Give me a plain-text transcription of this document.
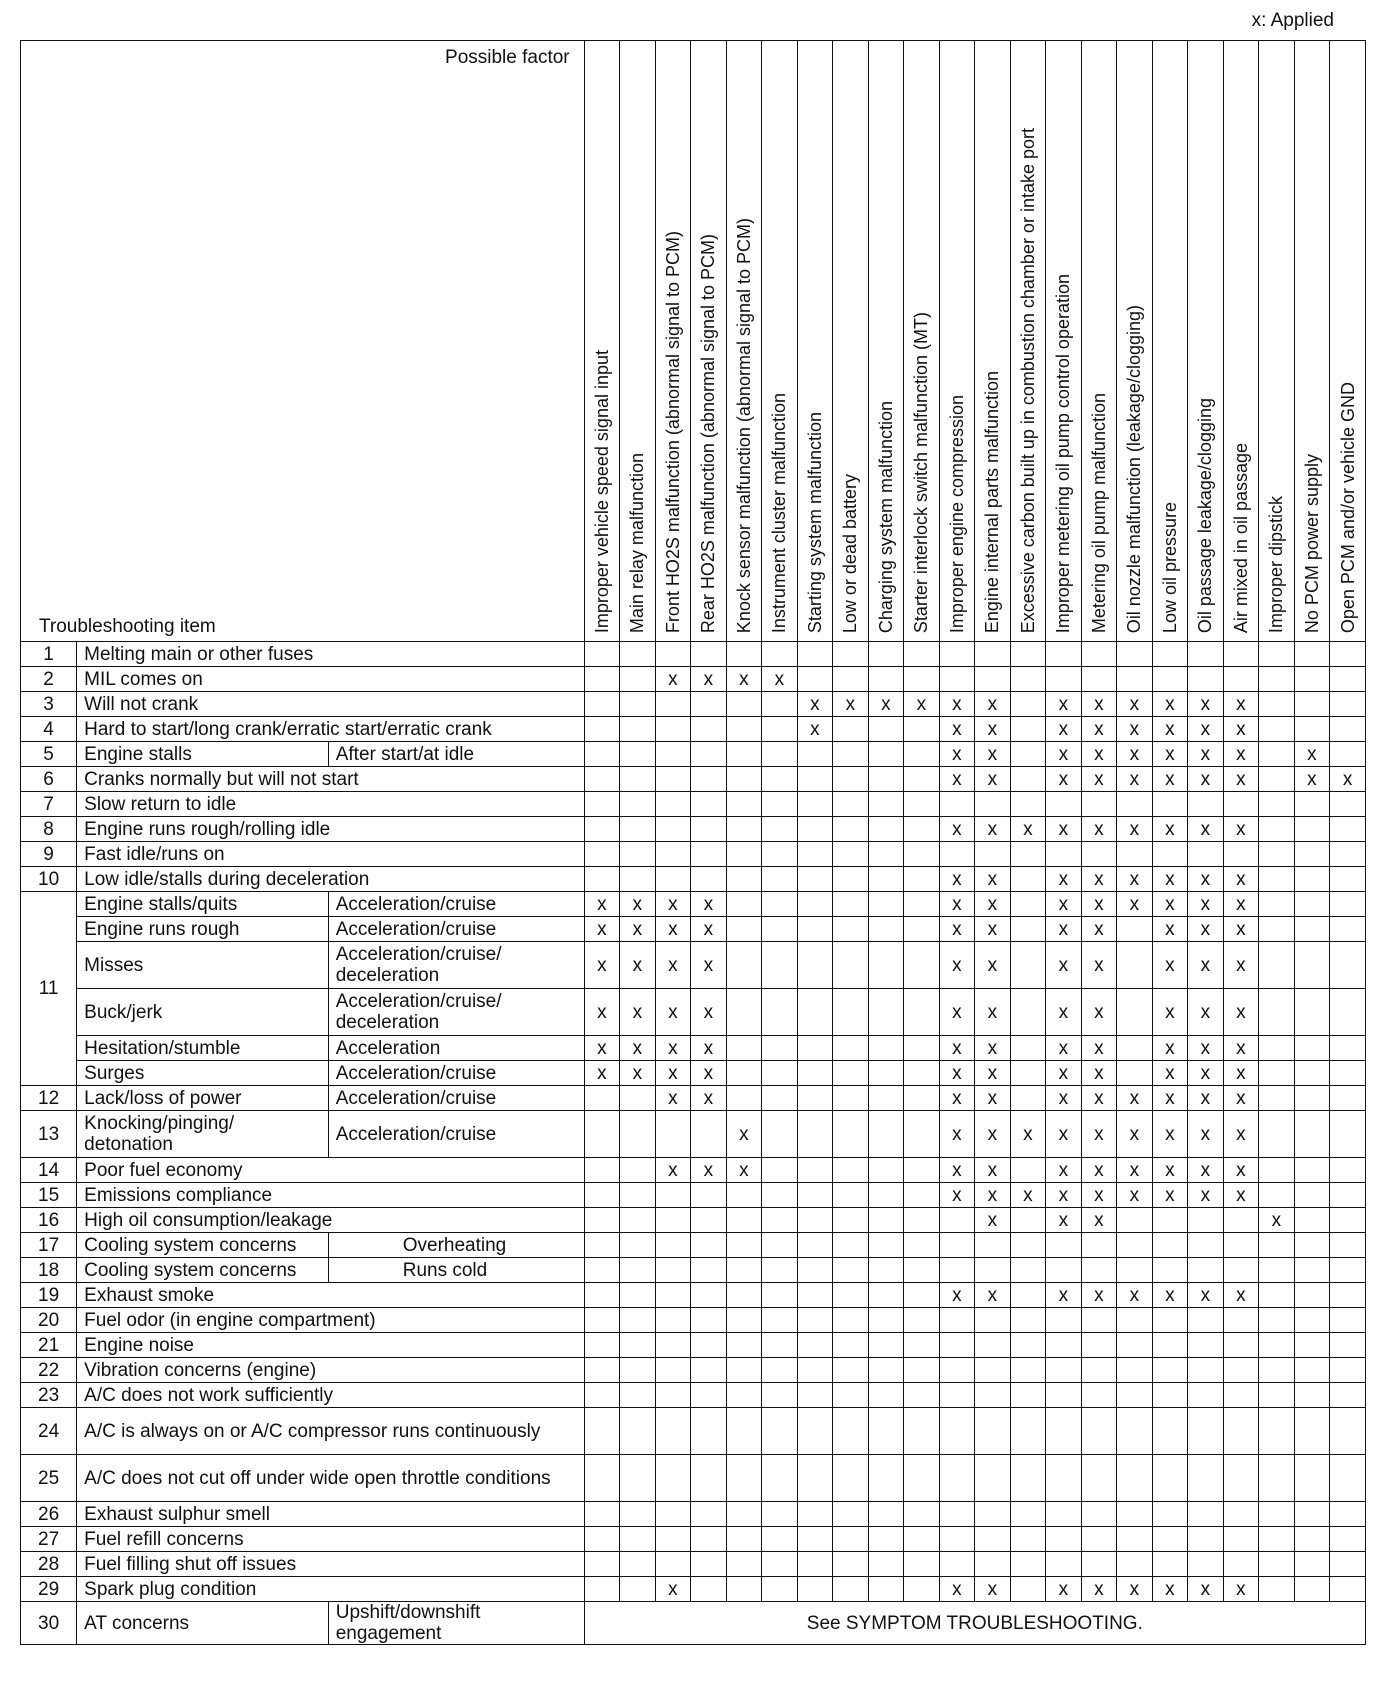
x: Applied
Possible factor
Troubleshooting item			Improper vehicle speed signal input	Main relay malfunction	Front HO2S malfunction (abnormal signal to PCM)	Rear HO2S malfunction (abnormal signal to PCM)	Knock sensor malfunction (abnormal signal to PCM)	Instrument cluster malfunction	Starting system malfunction	Low or dead battery	Charging system malfunction	Starter interlock switch malfunction (MT)	Improper engine compression	Engine internal parts malfunction	Excessive carbon built up in combustion chamber or intake port	Improper metering oil pump control operation	Metering oil pump malfunction	Oil nozzle malfunction (leakage/clogging)	Low oil pressure	Oil passage leakage/clogging	Air mixed in oil passage	Improper dipstick	No PCM power supply	Open PCM and/or vehicle GND

1	Melting main or other fuses																							
2	MIL comes on				x	x	x	x																
3	Will not crank								x	x	x	x	x	x		x	x	x	x	x	x			
4	Hard to start/long crank/erratic start/erratic crank								x				x	x		x	x	x	x	x	x			
5	Engine stalls	After start/at idle											x	x		x	x	x	x	x	x		x	
6	Cranks normally but will not start												x	x		x	x	x	x	x	x		x	x
7	Slow return to idle																							
8	Engine runs rough/rolling idle												x	x	x	x	x	x	x	x	x			
9	Fast idle/runs on																							
10	Low idle/stalls during deceleration												x	x		x	x	x	x	x	x			
11	Engine stalls/quits	Acceleration/cruise	x	x	x	x							x	x		x	x	x	x	x	x			
	Engine runs rough	Acceleration/cruise	x	x	x	x							x	x		x	x		x	x	x			
	Misses	Acceleration/cruise/ deceleration	x	x	x	x							x	x		x	x		x	x	x			
	Buck/jerk	Acceleration/cruise/ deceleration	x	x	x	x							x	x		x	x		x	x	x			
	Hesitation/stumble	Acceleration	x	x	x	x							x	x		x	x		x	x	x			
	Surges	Acceleration/cruise	x	x	x	x							x	x		x	x		x	x	x			
12	Lack/loss of power	Acceleration/cruise			x	x							x	x		x	x	x	x	x	x			
13	Knocking/pinging/ detonation	Acceleration/cruise					x						x	x	x	x	x	x	x	x	x			
14	Poor fuel economy				x	x	x						x	x		x	x	x	x	x	x			
15	Emissions compliance												x	x	x	x	x	x	x	x	x			
16	High oil consumption/leakage													x		x	x					x		
17	Cooling system concerns	Overheating																						
18	Cooling system concerns	Runs cold																						
19	Exhaust smoke												x	x		x	x	x	x	x	x			
20	Fuel odor (in engine compartment)																							
21	Engine noise																							
22	Vibration concerns (engine)																							
23	A/C does not work sufficiently																							
24	A/C is always on or A/C compressor runs continuously																							
25	A/C does not cut off under wide open throttle conditions																							
26	Exhaust sulphur smell																							
27	Fuel refill concerns																							
28	Fuel filling shut off issues																							
29	Spark plug condition				x								x	x		x	x	x	x	x	x			
30	AT concerns	Upshift/downshift engagement	See SYMPTOM TROUBLESHOOTING.																					
